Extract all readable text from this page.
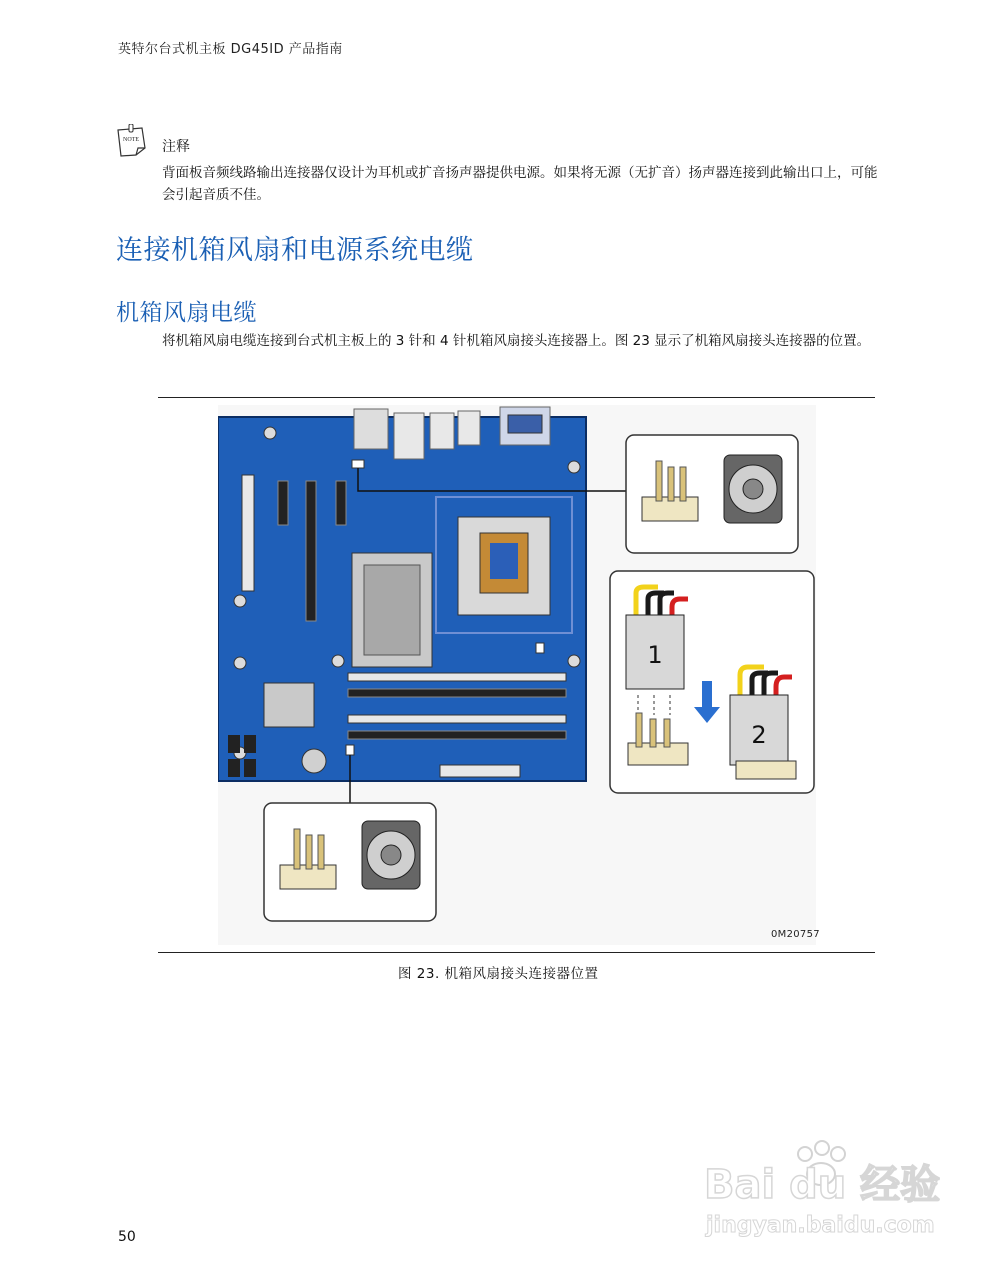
英特尔台式机主板 DG45ID 产品指南
NOTE 注释
背面板音频线路输出连接器仅设计为耳机或扩音扬声器提供电源。如果将无源（无扩音）扬声器连接到此输出口上，可能会引起音质不佳。
连接机箱风扇和电源系统电缆
机箱风扇电缆
将机箱风扇电缆连接到台式机主板上的 3 针和 4 针机箱风扇接头连接器上。图 23 显示了机箱风扇接头连接器的位置。
1
2
0M20757
图 23. 机箱风扇接头连接器位置
50
Bai du 经验
jingyan.baidu.com
